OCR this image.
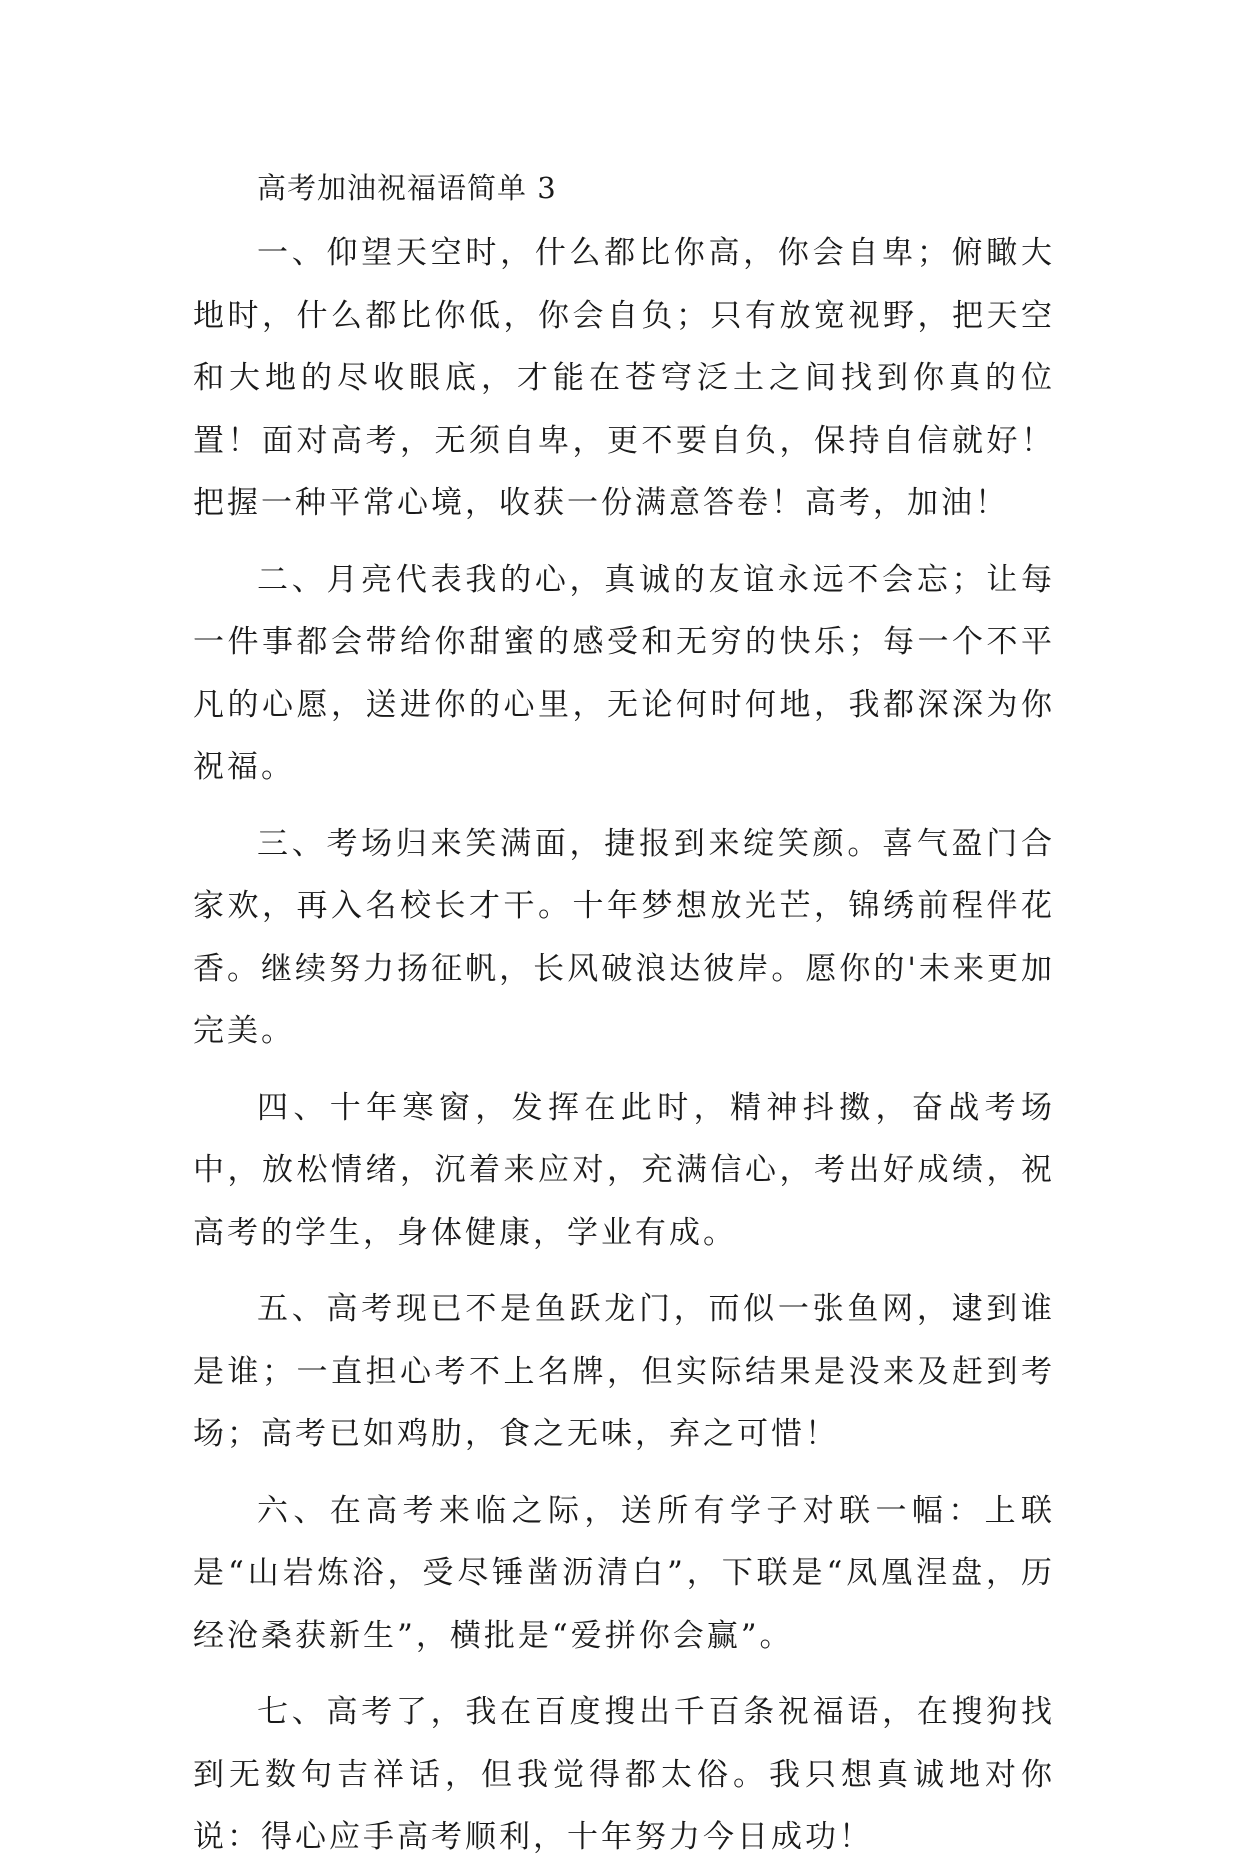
高考加油祝福语简单 3

一、仰望天空时，什么都比你高，你会自卑；俯瞰大地时，什么都比你低，你会自负；只有放宽视野，把天空和大地的尽收眼底，才能在苍穹泛土之间找到你真的位置！面对高考，无须自卑，更不要自负，保持自信就好！把握一种平常心境，收获一份满意答卷！高考，加油！

二、月亮代表我的心，真诚的友谊永远不会忘；让每一件事都会带给你甜蜜的感受和无穷的快乐；每一个不平凡的心愿，送进你的心里，无论何时何地，我都深深为你祝福。

三、考场归来笑满面，捷报到来绽笑颜。喜气盈门合家欢，再入名校长才干。十年梦想放光芒，锦绣前程伴花香。继续努力扬征帆，长风破浪达彼岸。愿你的'未来更加完美。

四、十年寒窗，发挥在此时，精神抖擞，奋战考场中，放松情绪，沉着来应对，充满信心，考出好成绩，祝高考的学生，身体健康，学业有成。

五、高考现已不是鱼跃龙门，而似一张鱼网，逮到谁是谁；一直担心考不上名牌，但实际结果是没来及赶到考场；高考已如鸡肋，食之无味，弃之可惜！

六、在高考来临之际，送所有学子对联一幅：上联是“山岩炼浴，受尽锤凿沥清白”，下联是“凤凰涅盘，历经沧桑获新生”，横批是“爱拼你会赢”。

七、高考了，我在百度搜出千百条祝福语，在搜狗找到无数句吉祥话，但我觉得都太俗。我只想真诚地对你说：得心应手高考顺利，十年努力今日成功！
